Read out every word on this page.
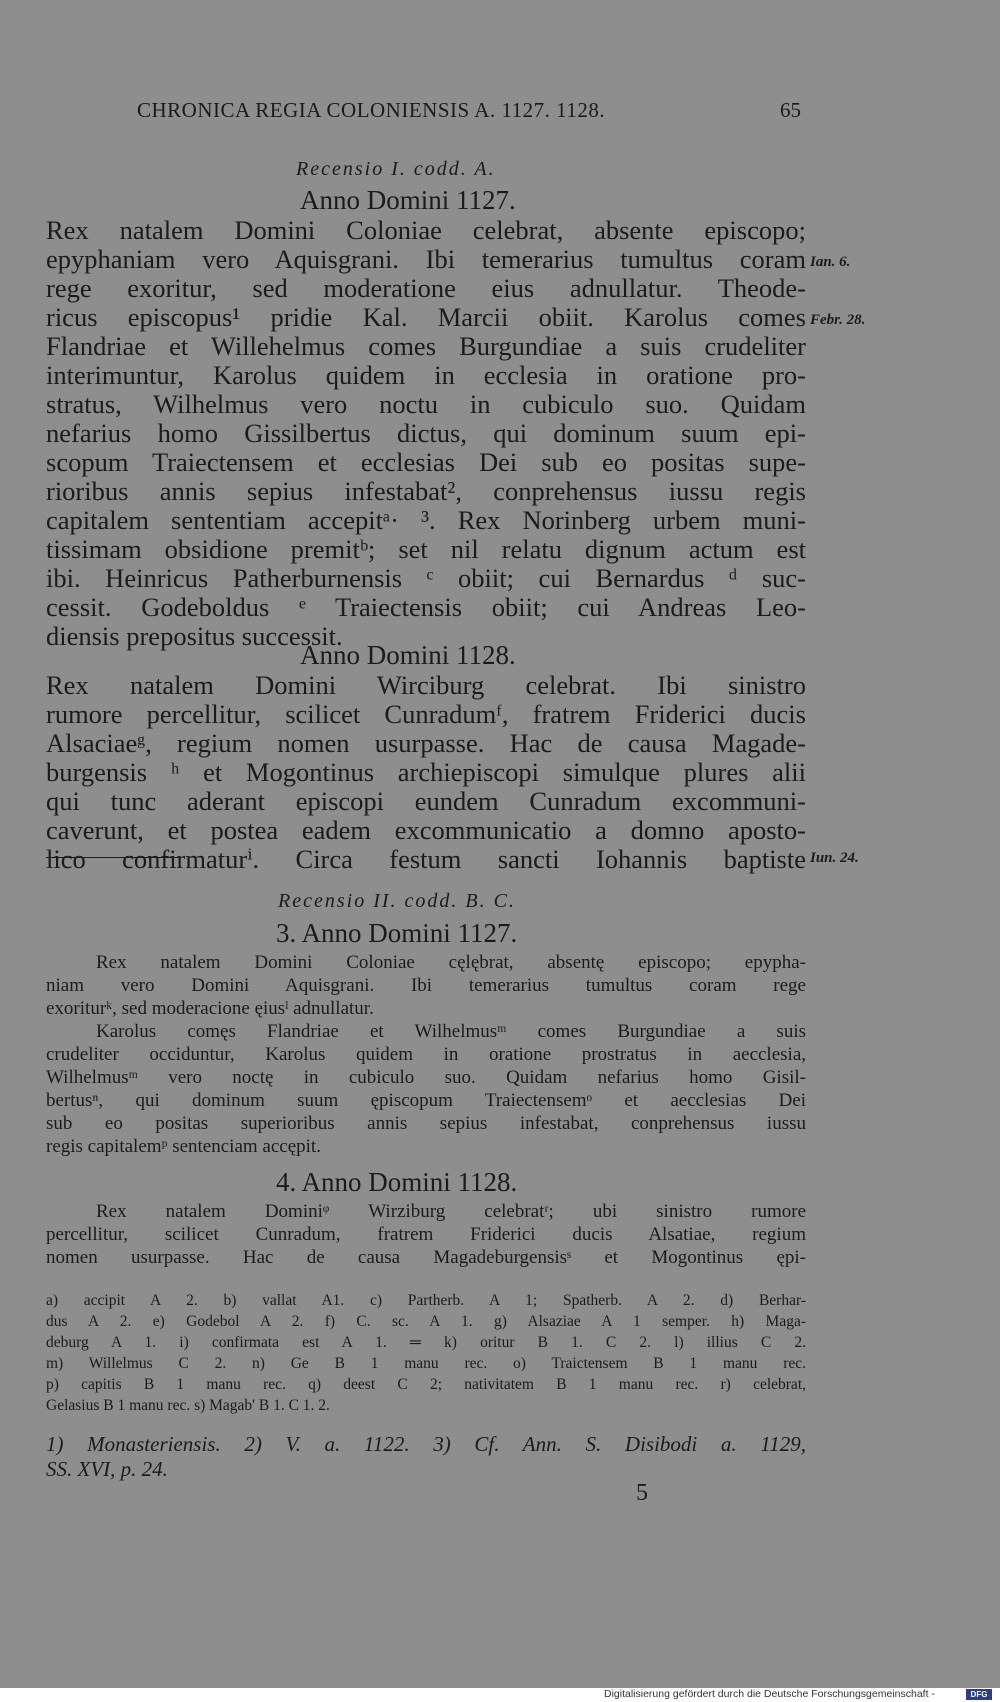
CHRONICA REGIA COLONIENSIS A. 1127. 1128.	65
Recensio I. codd. A.
Anno Domini 1127.
Rex natalem Domini Coloniae celebrat, absente episcopo;
epyphaniam vero Aquisgrani. Ibi temerarius tumultus coram
rege exoritur, sed moderatione eius adnullatur. Theode-
ricus episcopus¹ pridie Kal. Marcii obiit. Karolus comes
Flandriae et Willehelmus comes Burgundiae a suis crudeliter
interimuntur, Karolus quidem in ecclesia in oratione pro-
stratus, Wilhelmus vero noctu in cubiculo suo. Quidam
nefarius homo Gissilbertus dictus, qui dominum suum epi-
scopum Traiectensem et ecclesias Dei sub eo positas supe-
rioribus annis sepius infestabat², conprehensus iussu regis
capitalem sententiam accepitᵃ· ³. Rex Norinberg urbem muni-
tissimam obsidione premitᵇ; set nil relatu dignum actum est
ibi. Heinricus Patherburnensis ᶜ obiit; cui Bernardus ᵈ suc-
cessit. Godeboldus ᵉ Traiectensis obiit; cui Andreas Leo-
diensis prepositus successit.
Ian. 6.
Febr. 28.
Anno Domini 1128.
Rex natalem Domini Wirciburg celebrat. Ibi sinistro
rumore percellitur, scilicet Cunradumᶠ, fratrem Friderici ducis
Alsaciaeᵍ, regium nomen usurpasse. Hac de causa Magade-
burgensis ʰ et Mogontinus archiepiscopi simulque plures alii
qui tunc aderant episcopi eundem Cunradum excommuni-
caverunt, et postea eadem excommunicatio a domno aposto-
lico confirmaturⁱ. Circa festum sancti Iohannis baptiste Iun. 24.
Recensio II. codd. B. C.
3. Anno Domini 1127.
Rex natalem Domini Coloniae cęlębrat, absentę episcopo; epypha-
niam vero Domini Aquisgrani. Ibi temerarius tumultus coram rege
exoriturᵏ, sed moderacione ęiusˡ adnullatur.
Karolus comęs Flandriae et Wilhelmusᵐ comes Burgundiae a suis
crudeliter occiduntur, Karolus quidem in oratione prostratus in aecclesia,
Wilhelmusᵐ vero noctę in cubiculo suo. Quidam nefarius homo Gisil-
bertusⁿ, qui dominum suum ępiscopum Traiectensemᵒ et aecclesias Dei
sub eo positas superioribus annis sepius infestabat, conprehensus iussu
regis capitalemᵖ sentenciam accępit.
4. Anno Domini 1128.
Rex natalem Dominiᵠ Wirziburg celebratʳ; ubi sinistro rumore
percellitur, scilicet Cunradum, fratrem Friderici ducis Alsatiae, regium
nomen usurpasse. Hac de causa Magadeburgensisˢ et Mogontinus ępi-
a) accipit A 2. b) vallat A1. c) Partherb. A 1; Spatherb. A 2. d) Berhar-
dus A 2. e) Godebol A 2. f) C. sc. A 1. g) Alsaziae A 1 semper. h) Maga-
deburg A 1. i) confirmata est A 1. ═ k) oritur B 1. C 2. l) illius C 2.
m) Willelmus C 2. n) Ge B 1 manu rec. o) Traictensem B 1 manu rec.
p) capitis B 1 manu rec. q) deest C 2; nativitatem B 1 manu rec. r) celebrat,
Gelasius B 1 manu rec. s) Magab' B 1. C 1. 2.
1) Monasteriensis. 2) V. a. 1122. 3) Cf. Ann. S. Disibodi a. 1129,
SS. XVI, p. 24.
5
Digitalisierung gefördert durch die Deutsche Forschungsgemeinschaft -	DFG
